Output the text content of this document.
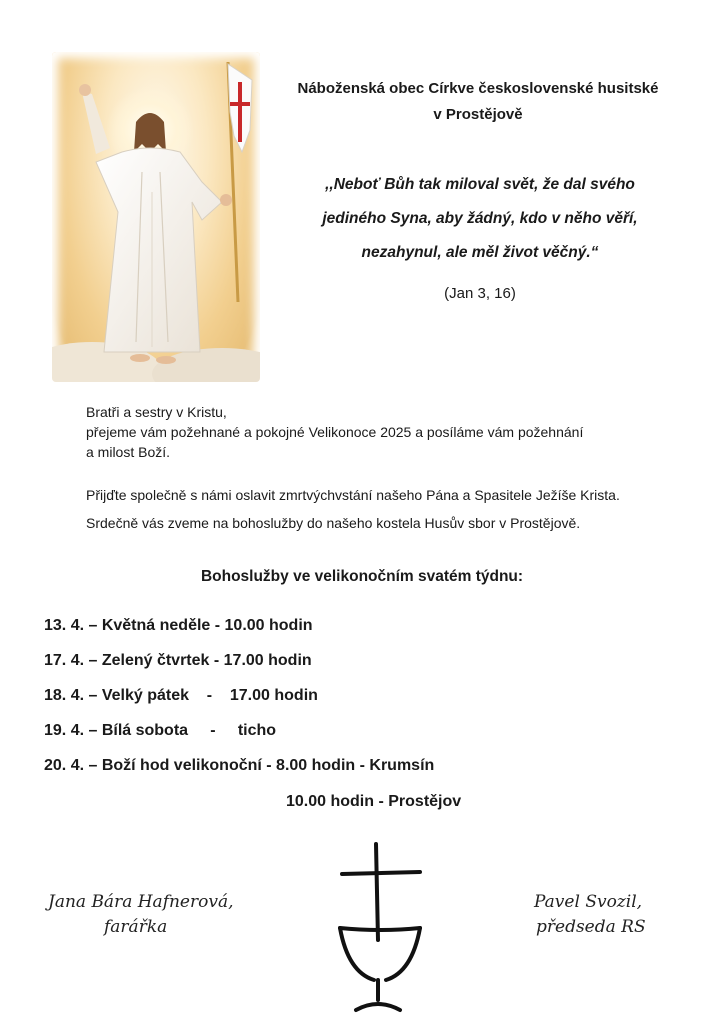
Náboženská obec Církve československé husitské
v Prostějově
,,Neboť Bůh tak miloval svět, že dal svého
jediného Syna, aby žádný, kdo v něho věří,
nezahynul, ale měl život věčný.“
(Jan 3, 16)
Bratři a sestry v Kristu,
přejeme vám požehnané a pokojné Velikonoce 2025 a posíláme vám požehnání
a milost Boží.
Přijďte společně s námi oslavit zmrtvýchvstání našeho Pána a Spasitele Ježíše Krista.
Srdečně vás zveme na bohoslužby do našeho kostela Husův sbor v Prostějově.
Bohoslužby ve velikonočním svatém týdnu:
13. 4. – Květná neděle - 10.00 hodin
17. 4. – Zelený čtvrtek - 17.00 hodin
18. 4. – Velký pátek    -    17.00 hodin
19. 4. – Bílá sobota     -     ticho
20. 4. – Boží hod velikonoční - 8.00 hodin - Krumsín
10.00 hodin - Prostějov
Jana Bára Hafnerová,
farářka
Pavel Svozil,
předseda RS
